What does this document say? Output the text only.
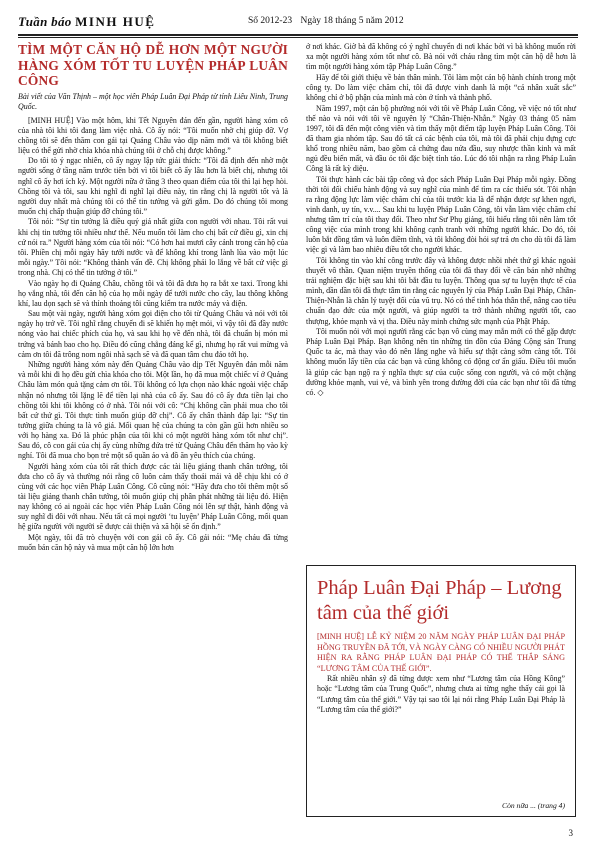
Tuần báo MINH HUỆ	Số 2012-23 Ngày 18 tháng 5 năm 2012
TÌM MỘT CĂN HỘ DỄ HƠN MỘT NGƯỜI HÀNG XÓM TỐT TU LUYỆN PHÁP LUÂN CÔNG
Bài viết của Văn Thịnh – một học viên Pháp Luân Đại Pháp từ tỉnh Liêu Ninh, Trung Quốc.

[MINH HUỆ] Vào một hôm, khi Tết Nguyên đán đến gần, người hàng xóm cô của nhà tôi khi tôi đang làm việc nhà. Cô ấy nói: “Tôi muốn nhờ chị giúp đỡ. Vợ chồng tôi sẽ đến thăm con gái tại Quảng Châu vào dịp năm mới và tôi không biết liệu có thể gửi nhờ chìa khóa nhà chúng tôi ở chỗ chị được không.”

Do tôi tò ý ngạc nhiên, cô ấy ngay lập tức giải thích: “Tôi đã định đến nhờ một người sống ở tầng năm trước tiên bởi vì tôi biết cô ấy lâu hơn là biết chị, nhưng tôi nghĩ cô ấy hơi ích kỷ. Một người nữa ở tầng 3 theo quan điểm của tôi thì lại hẹp hòi. Chồng tôi và tôi, sau khi nghĩ đi nghĩ lại điều này, tin rằng chị là người tốt và là người duy nhất mà chúng tôi có thể tin tưởng và gửi gắm. Do đó chúng tôi mong muốn chị chấp thuận giúp đỡ chúng tôi.”

Tôi nói: “Sự tin tưởng là điều quý giá nhất giữa con người với nhau. Tôi rất vui khi chị tin tưởng tôi nhiều như thế. Nếu muốn tôi làm cho chị bất cứ điều gì, xin chị cứ nói ra.” Người hàng xóm của tôi nói: “Có hơn hai mươi cây cảnh trong căn hộ của tôi. Phiền chị mỗi ngày hãy tưới nước và để không khí trong lành lùa vào một lúc mỗi ngày.” Tôi nói: “Không thành vấn đề. Chị không phải lo lắng về bất cứ việc gì trong nhà. Chị có thể tin tưởng ở tôi.”

Vào ngày họ đi Quảng Châu, chồng tôi và tôi đã đưa họ ra bắt xe taxi. Trong khi họ vắng nhà, tôi đến căn hộ của họ mỗi ngày để tưới nước cho cây, lau thông không khí, lau dọn sạch sẽ và thỉnh thoảng tôi cũng kiểm tra nước máy và điện.

Sau một vài ngày, người hàng xóm gọi điện cho tôi từ Quảng Châu và nói với tôi ngày họ trở về. Tôi nghĩ rằng chuyến đi sẽ khiến họ mệt mỏi, vì vậy tôi đã đầy nước nóng vào hai chiếc phích của họ, và sau khi họ về đến nhà, tôi đã chuẩn bị món mì trứng và bánh bao cho họ. Điều đó cũng chẳng đáng kể gì, nhưng họ rất vui mừng và cảm ơn tôi đã trông nom ngôi nhà sạch sẽ và đã quan tâm chu đáo tới họ.

Những người hàng xóm này đến Quảng Châu vào dịp Tết Nguyên đán mỗi năm và mỗi khi đi họ đều gửi chìa khóa cho tôi. Một lần, họ đã mua một chiếc ví ở Quảng Châu làm món quà tặng cảm ơn tôi. Tôi không có lựa chọn nào khác ngoài việc chấp nhận nó nhưng tôi lặng lẽ để tiền lại nhà của cô ấy. Sau đó cô ấy đưa tiền lại cho chồng tôi khi tôi không có ở nhà. Tôi nói với cô: “Chị không cần phải mua cho tôi bất cứ thứ gì. Tôi thực tình muốn giúp đỡ chị”. Cô ấy chân thành đáp lại: “Sự tin tưởng giữa chúng ta là vô giá. Mối quan hệ của chúng ta còn gần gũi hơn nhiều so với họ hàng xa. Đó là phúc phận của tôi khi có một người hàng xóm tốt như chị”. Sau đó, cô con gái của chị ấy cùng những đứa trẻ từ Quảng Châu đến thăm họ vào kỳ nghỉ. Tôi đã mua cho bọn trẻ một số quần áo và đồ ăn yêu thích của chúng.

Người hàng xóm của tôi rất thích được các tài liệu giảng thanh chân tướng, tôi đưa cho cô ấy và thường nói rằng cô luôn cảm thấy thoải mái và dễ chịu khi có ở cùng với các học viên Pháp Luân Công. Cô cũng nói: “Hãy đưa cho tôi thêm một số tài liệu giảng thanh chân tướng, tôi muốn giúp chị phân phát những tài liệu đó. Hiện nay không có ai ngoài các học viên Pháp Luân Công nói lên sự thật, hành động và suy nghĩ đi đôi với nhau. Nếu tất cả mọi người ‘tu luyện’ Pháp Luân Công, mối quan hệ giữa người với người sẽ được cải thiện và xã hội sẽ ổn định.”

Một ngày, tôi đã trò chuyện với con gái cô ấy. Cô gái nói: “Mẹ cháu đã từng muốn bán căn hộ này và mua một căn hộ lớn hơn

ở nơi khác. Giờ bà đã không có ý nghĩ chuyển đi nơi khác bởi vì bà không muốn rời xa một người hàng xóm tốt như cô. Bà nói với cháu rằng tìm một căn hộ dễ hơn là tìm một người hàng xóm tập Pháp Luân Công.”

Hãy để tôi giới thiệu về bản thân mình. Tôi làm một cán bộ hành chính trong một công ty. Do làm việc chăm chỉ, tôi đã được vinh danh là một “cá nhân xuất sắc” không chỉ ở bộ phận của mình mà còn ở tỉnh và thành phố.

Năm 1997, một cán bộ phường nói với tôi về Pháp Luân Công, về việc nó tốt như thế nào và nói với tôi về nguyên lý “Chân-Thiện-Nhẫn.” Ngày 03 tháng 05 năm 1997, tôi đã đến một công viên và tìm thấy một điểm tập luyện Pháp Luân Công. Tôi đã tham gia nhóm tập. Sau đó tất cả các bệnh của tôi, mà tôi đã phải chịu đựng cực khổ trong nhiều năm, bao gồm cả chứng đau nửa đầu, suy nhược thần kinh và mất ngủ đều biến mất, và đầu óc tôi đặc biệt tỉnh táo. Lúc đó tôi nhận ra rằng Pháp Luân Công là rất kỳ diệu.

Tôi thực hành các bài tập công và đọc sách Pháp Luân Đại Pháp mỗi ngày. Đồng thời tôi đối chiếu hành động và suy nghĩ của mình để tìm ra các thiếu sót. Tôi nhận ra rằng động lực làm việc chăm chỉ của tôi trước kia là để nhận được sự khen ngợi, vinh danh, uy tín, v.v.... Sau khi tu luyện Pháp Luân Công, tôi vẫn làm việc chăm chỉ nhưng tâm trí của tôi thay đổi. Theo như Sư Phụ giảng, tôi hiểu rằng tôi nên làm tốt công việc của mình trong khi không cạnh tranh với những người khác. Do đó, tôi luôn bắt đồng tâm và luôn điềm tĩnh, và tôi không đòi hỏi sự trả ơn cho dù tôi đã làm việc gì và làm bao nhiêu điều tốt cho người khác.

Tôi không tin vào khí công trước đây và không được nhồi nhét thứ gì khác ngoài thuyết vô thần. Quan niệm truyền thống của tôi đã thay đổi về căn bản nhờ những trải nghiệm đặc biệt sau khi tôi bắt đầu tu luyện. Thông qua sự tu luyện thực tế của mình, dần dần tôi đã thực tâm tin rằng các nguyên lý của Pháp Luân Đại Pháp, Chân-Thiện-Nhẫn là chân lý tuyệt đối của vũ trụ. Nó có thể tinh hóa thân thể, nâng cao tiêu chuẩn đạo đức của một người, và giúp người ta trở thành những người tốt, cao thượng, khỏe mạnh và vị tha. Điều này minh chứng sức mạnh của Phật Pháp.

Tôi muốn nói với mọi người rằng các bạn vô cùng may mắn mới có thể gặp được Pháp Luân Đại Pháp. Bạn không nên tin những tin đồn của Đảng Cộng sản Trung Quốc ta ác, mà thay vào đó nên lắng nghe và hiểu sự thật càng sớm càng tốt. Tôi không muốn lấy tiền của các bạn và cũng không có động cơ ẩn giấu. Điều tôi muốn là giúp các bạn ngộ ra ý nghĩa thực sự của cuộc sống con người, và có một chặng đường khỏe mạnh, vui vẻ, và bình yên trong đường đời của các bạn như tôi đã từng có. ◇

Pháp Luân Đại Pháp – Lương tâm của thế giới

[MINH HUỆ] LỄ KỶ NIỆM 20 NĂM NGÀY PHÁP LUÂN ĐẠI PHÁP HỒNG TRUYỀN ĐÃ TỚI, VÀ NGÀY CÀNG CÓ NHIỀU NGƯỜI PHÁT HIỆN RA RẰNG PHÁP LUÂN ĐẠI PHÁP CÓ THỂ THẮP SÁNG “LƯƠNG TÂM CỦA THẾ GIỚI”.

Rất nhiều nhân sỹ đã từng được xem như “Lương tâm của Hồng Kông” hoặc “Lương tâm của Trung Quốc”, nhưng chưa ai từng nghe thấy cái gọi là “Lương tâm của thế giới.” Vậy tại sao tôi lại nói rằng Pháp Luân Đại Pháp là “Lương tâm của thế giới?”

Còn nữa ... (trang 4)
3
